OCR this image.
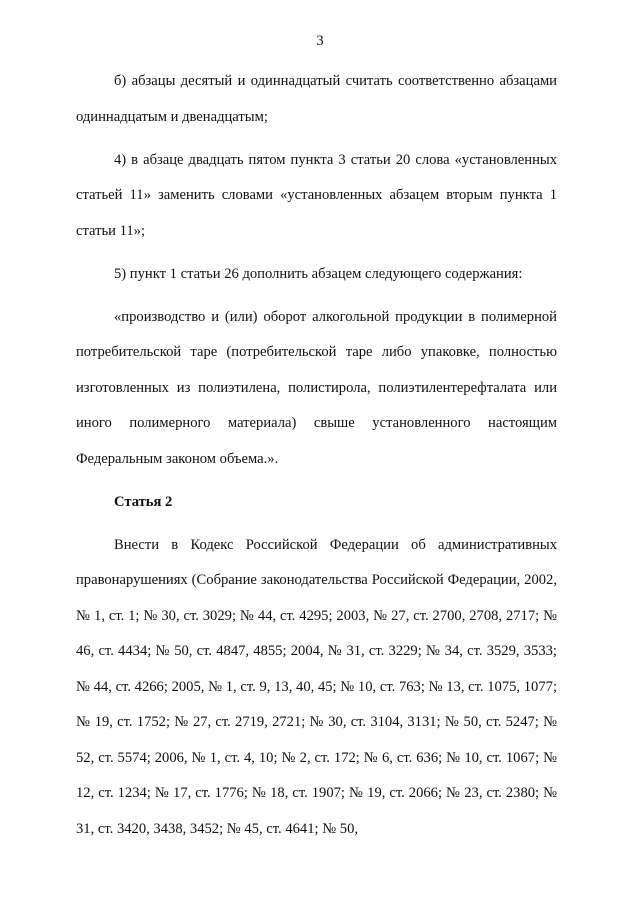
3

б) абзацы десятый и одиннадцатый считать соответственно абзацами одиннадцатым и двенадцатым;

4) в абзаце двадцать пятом пункта 3 статьи 20 слова «установленных статьей 11» заменить словами «установленных абзацем вторым пункта 1 статьи 11»;

5) пункт 1 статьи 26 дополнить абзацем следующего содержания:

«производство и (или) оборот алкогольной продукции в полимерной потребительской таре (потребительской таре либо упаковке, полностью изготовленных из полиэтилена, полистирола, полиэтилентерефталата или иного полимерного материала) свыше установленного настоящим Федеральным законом объема.».

Статья 2

Внести в Кодекс Российской Федерации об административных правонарушениях (Собрание законодательства Российской Федерации, 2002, № 1, ст. 1; № 30, ст. 3029; № 44, ст. 4295; 2003, № 27, ст. 2700, 2708, 2717; № 46, ст. 4434; № 50, ст. 4847, 4855; 2004, № 31, ст. 3229; № 34, ст. 3529, 3533; № 44, ст. 4266; 2005, № 1, ст. 9, 13, 40, 45; № 10, ст. 763; № 13, ст. 1075, 1077; № 19, ст. 1752; № 27, ст. 2719, 2721; № 30, ст. 3104, 3131; № 50, ст. 5247; № 52, ст. 5574; 2006, № 1, ст. 4, 10; № 2, ст. 172; № 6, ст. 636; № 10, ст. 1067; № 12, ст. 1234; № 17, ст. 1776; № 18, ст. 1907; № 19, ст. 2066; № 23, ст. 2380; № 31, ст. 3420, 3438, 3452; № 45, ст. 4641; № 50,
